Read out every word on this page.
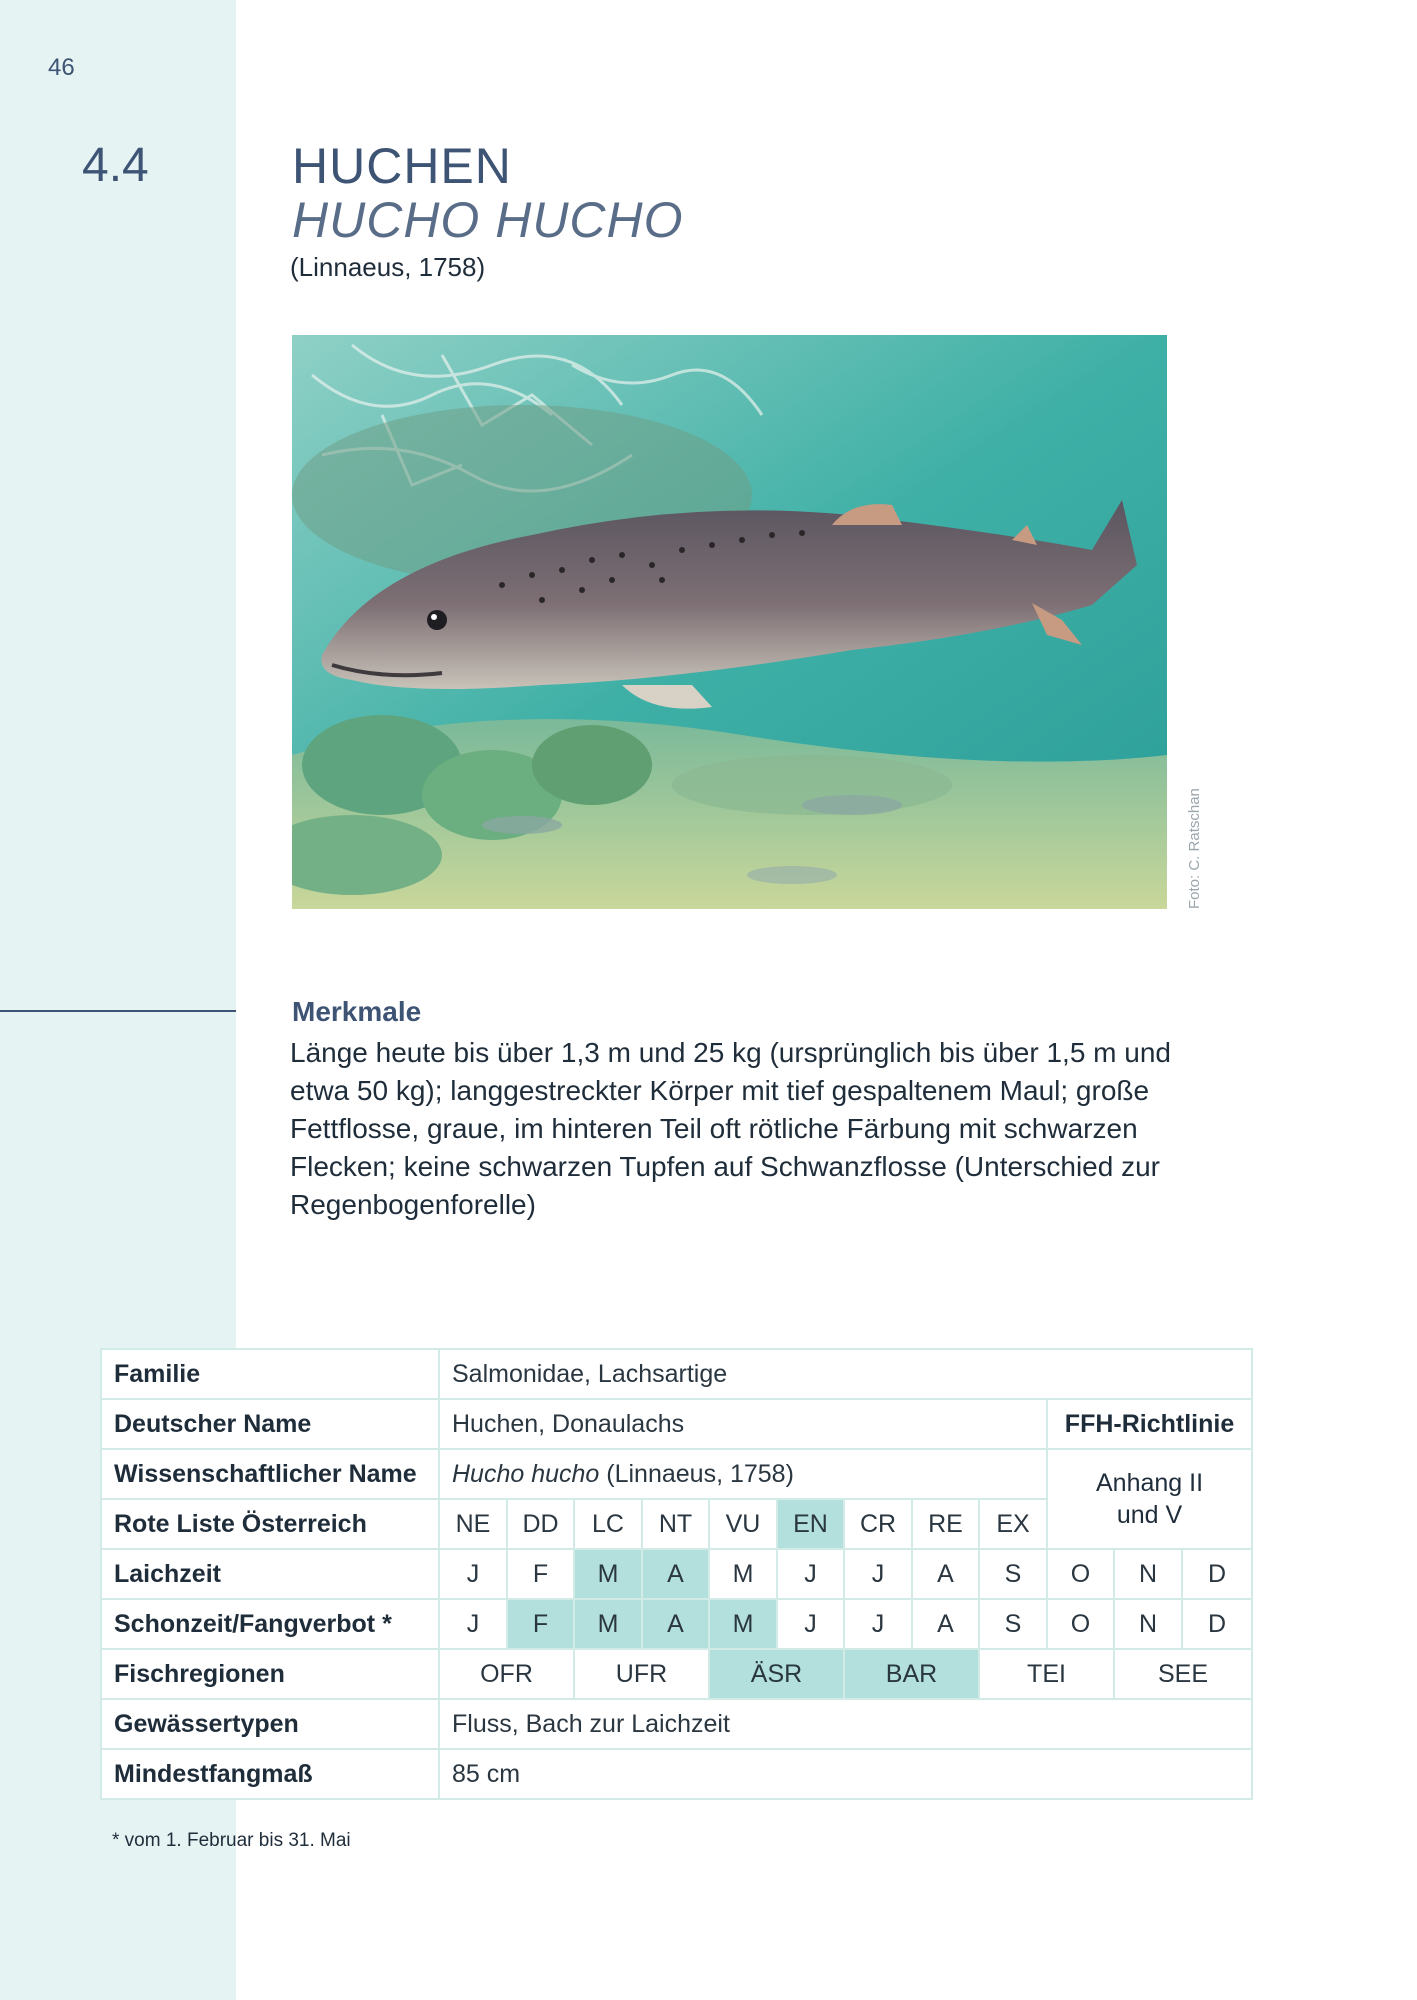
46
4.4	HUCHEN
HUCHO HUCHO
(Linnaeus, 1758)
Foto: C. Ratschan
Merkmale
Länge heute bis über 1,3 m und 25 kg (ursprünglich bis über 1,5 m und etwa 50 kg); langgestreckter Körper mit tief gespaltenem Maul; große Fettflosse, graue, im hinteren Teil oft rötliche Färbung mit schwarzen Flecken; keine schwarzen Tupfen auf Schwanzflosse (Unterschied zur Regenbogenforelle)
Familie	Salmonidae, Lachsartige											
Deutscher Name	Huchen, Donaulachs									FFH-Richtlinie		
Wissenschaftlicher Name	Hucho hucho (Linnaeus, 1758)									Anhang II und V		

Rote Liste Österreich	NE	DD	LC	NT	VU	EN	CR	RE	EX			
Laichzeit	J	F	M	A	M	J	J	A	S	O	N	D
Schonzeit/Fangverbot *	J	F	M	A	M	J	J	A	S	O	N	D
Fischregionen	OFR		UFR		ÄSR		BAR		TEI		SEE	
Gewässertypen	Fluss, Bach zur Laichzeit											
Mindestfangmaß	85 cm											
* vom 1. Februar bis 31. Mai
